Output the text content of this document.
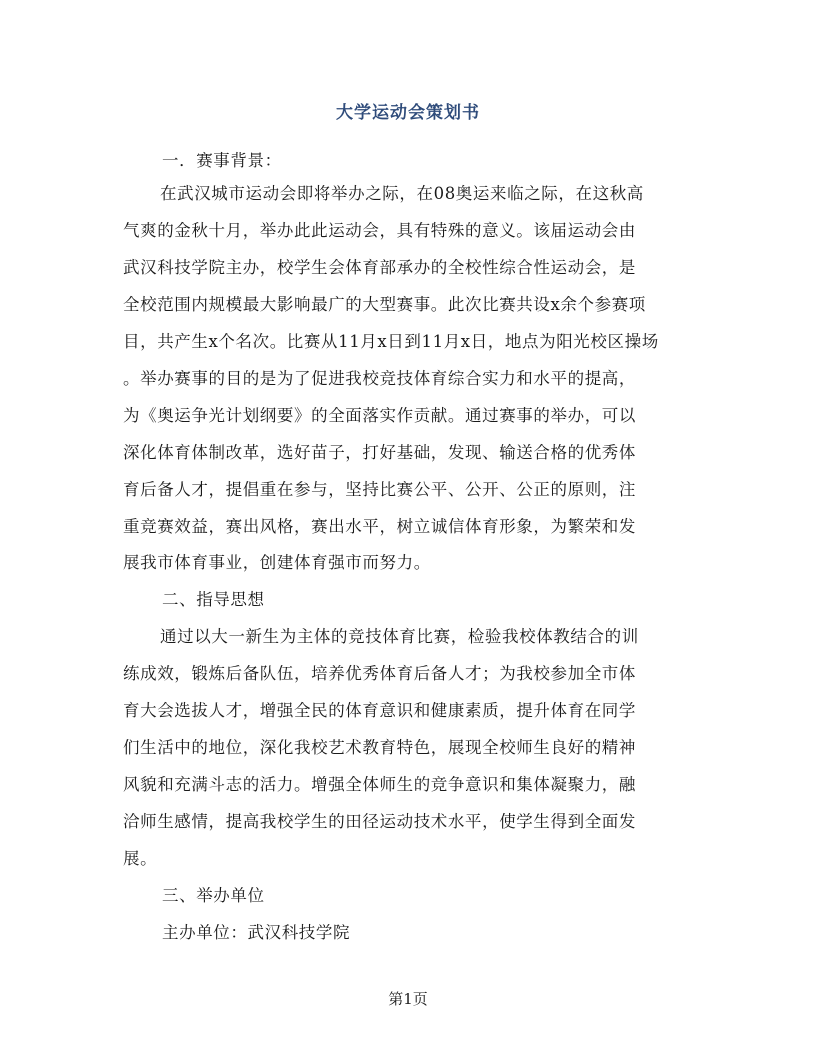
大学运动会策划书
一．赛事背景：
在武汉城市运动会即将举办之际，在08奥运来临之际，在这秋高
气爽的金秋十月，举办此此运动会，具有特殊的意义。该届运动会由
武汉科技学院主办，校学生会体育部承办的全校性综合性运动会，是
全校范围内规模最大影响最广的大型赛事。此次比赛共设x余个参赛项
目，共产生x个名次。比赛从11月x日到11月x日，地点为阳光校区操场
。举办赛事的目的是为了促进我校竞技体育综合实力和水平的提高，
为《奥运争光计划纲要》的全面落实作贡献。通过赛事的举办，可以
深化体育体制改革，选好苗子，打好基础，发现、输送合格的优秀体
育后备人才，提倡重在参与，坚持比赛公平、公开、公正的原则，注
重竞赛效益，赛出风格，赛出水平，树立诚信体育形象，为繁荣和发
展我市体育事业，创建体育强市而努力。
二、指导思想
通过以大一新生为主体的竞技体育比赛，检验我校体教结合的训
练成效，锻炼后备队伍，培养优秀体育后备人才；为我校参加全市体
育大会选拔人才，增强全民的体育意识和健康素质，提升体育在同学
们生活中的地位，深化我校艺术教育特色，展现全校师生良好的精神
风貌和充满斗志的活力。增强全体师生的竞争意识和集体凝聚力，融
洽师生感情，提高我校学生的田径运动技术水平，使学生得到全面发
展。
三、举办单位
主办单位：武汉科技学院
第1页
